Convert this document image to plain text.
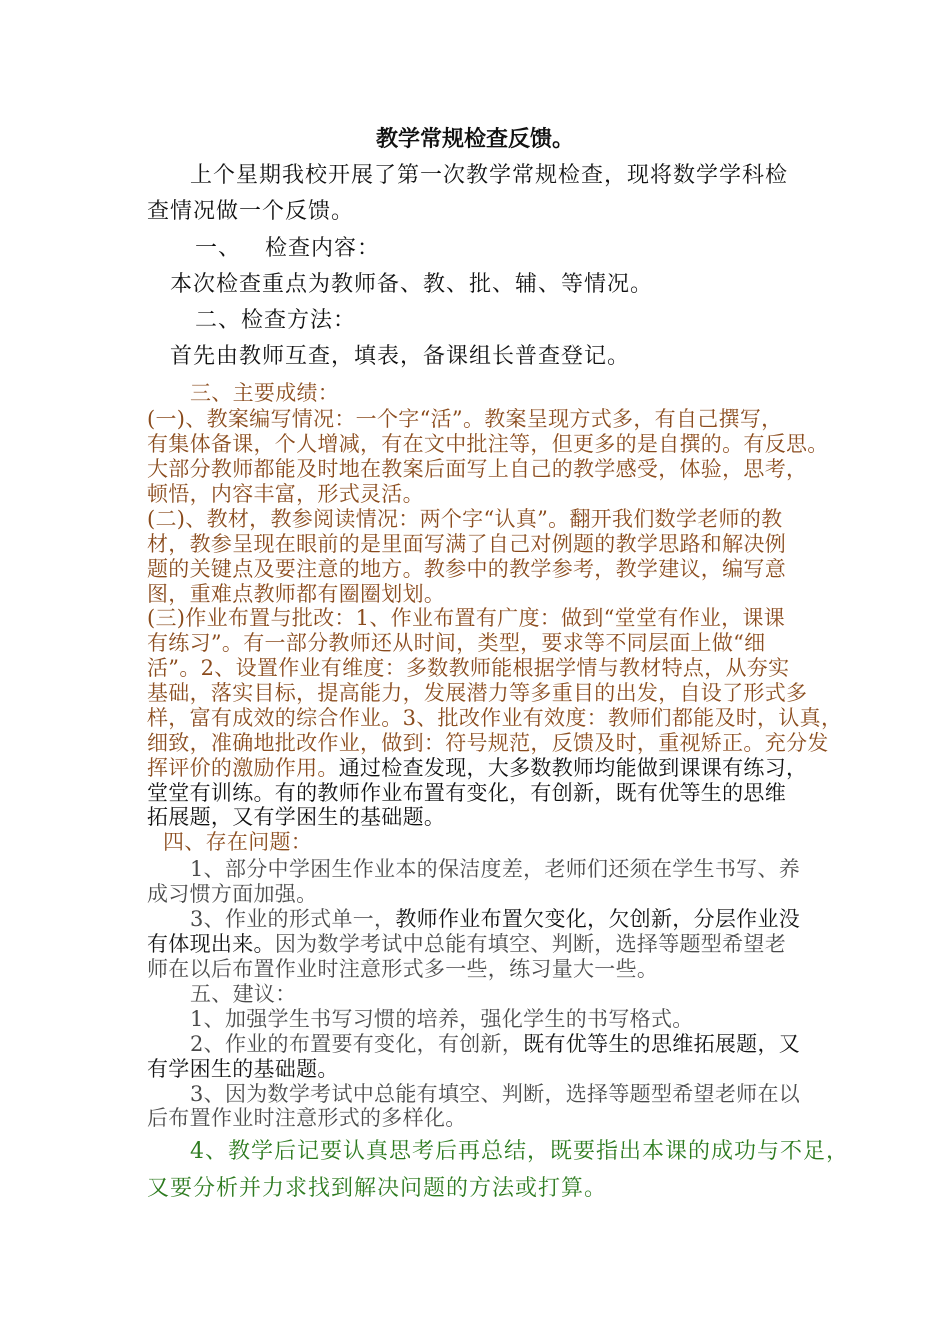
教学常规检查反馈。
上个星期我校开展了第一次教学常规检查，现将数学学科检
查情况做一个反馈。
一、 检查内容：
本次检查重点为教师备、教、批、辅、等情况。
二、检查方法：
首先由教师互查，填表，备课组长普查登记。
三、主要成绩：
(一)、教案编写情况：一个字“活”。教案呈现方式多，有自己撰写，
有集体备课，个人增减，有在文中批注等，但更多的是自撰的。有反思。
大部分教师都能及时地在教案后面写上自己的教学感受，体验，思考，
顿悟，内容丰富，形式灵活。
(二)、教材，教参阅读情况：两个字“认真”。翻开我们数学老师的教
材，教参呈现在眼前的是里面写满了自己对例题的教学思路和解决例
题的关键点及要注意的地方。教参中的教学参考，教学建议，编写意
图，重难点教师都有圈圈划划。
(三)作业布置与批改：1、作业布置有广度：做到“堂堂有作业，课课
有练习”。有一部分教师还从时间，类型，要求等不同层面上做“细
活”。2、设置作业有维度：多数教师能根据学情与教材特点，从夯实
基础，落实目标，提高能力，发展潜力等多重目的出发，自设了形式多
样，富有成效的综合作业。3、批改作业有效度：教师们都能及时，认真，
细致，准确地批改作业，做到：符号规范，反馈及时，重视矫正。充分发
挥评价的激励作用。通过检查发现，大多数教师均能做到课课有练习，
堂堂有训练。有的教师作业布置有变化，有创新，既有优等生的思维
拓展题，又有学困生的基础题。
四、存在问题：
1、部分中学困生作业本的保洁度差，老师们还须在学生书写、养
成习惯方面加强。
3、作业的形式单一，教师作业布置欠变化，欠创新，分层作业没
有体现出来。因为数学考试中总能有填空、判断，选择等题型希望老
师在以后布置作业时注意形式多一些，练习量大一些。
五、建议：
1、加强学生书写习惯的培养，强化学生的书写格式。
2、作业的布置要有变化，有创新，既有优等生的思维拓展题，又
有学困生的基础题。
3、因为数学考试中总能有填空、判断，选择等题型希望老师在以
后布置作业时注意形式的多样化。
4、教学后记要认真思考后再总结，既要指出本课的成功与不足，
又要分析并力求找到解决问题的方法或打算。
